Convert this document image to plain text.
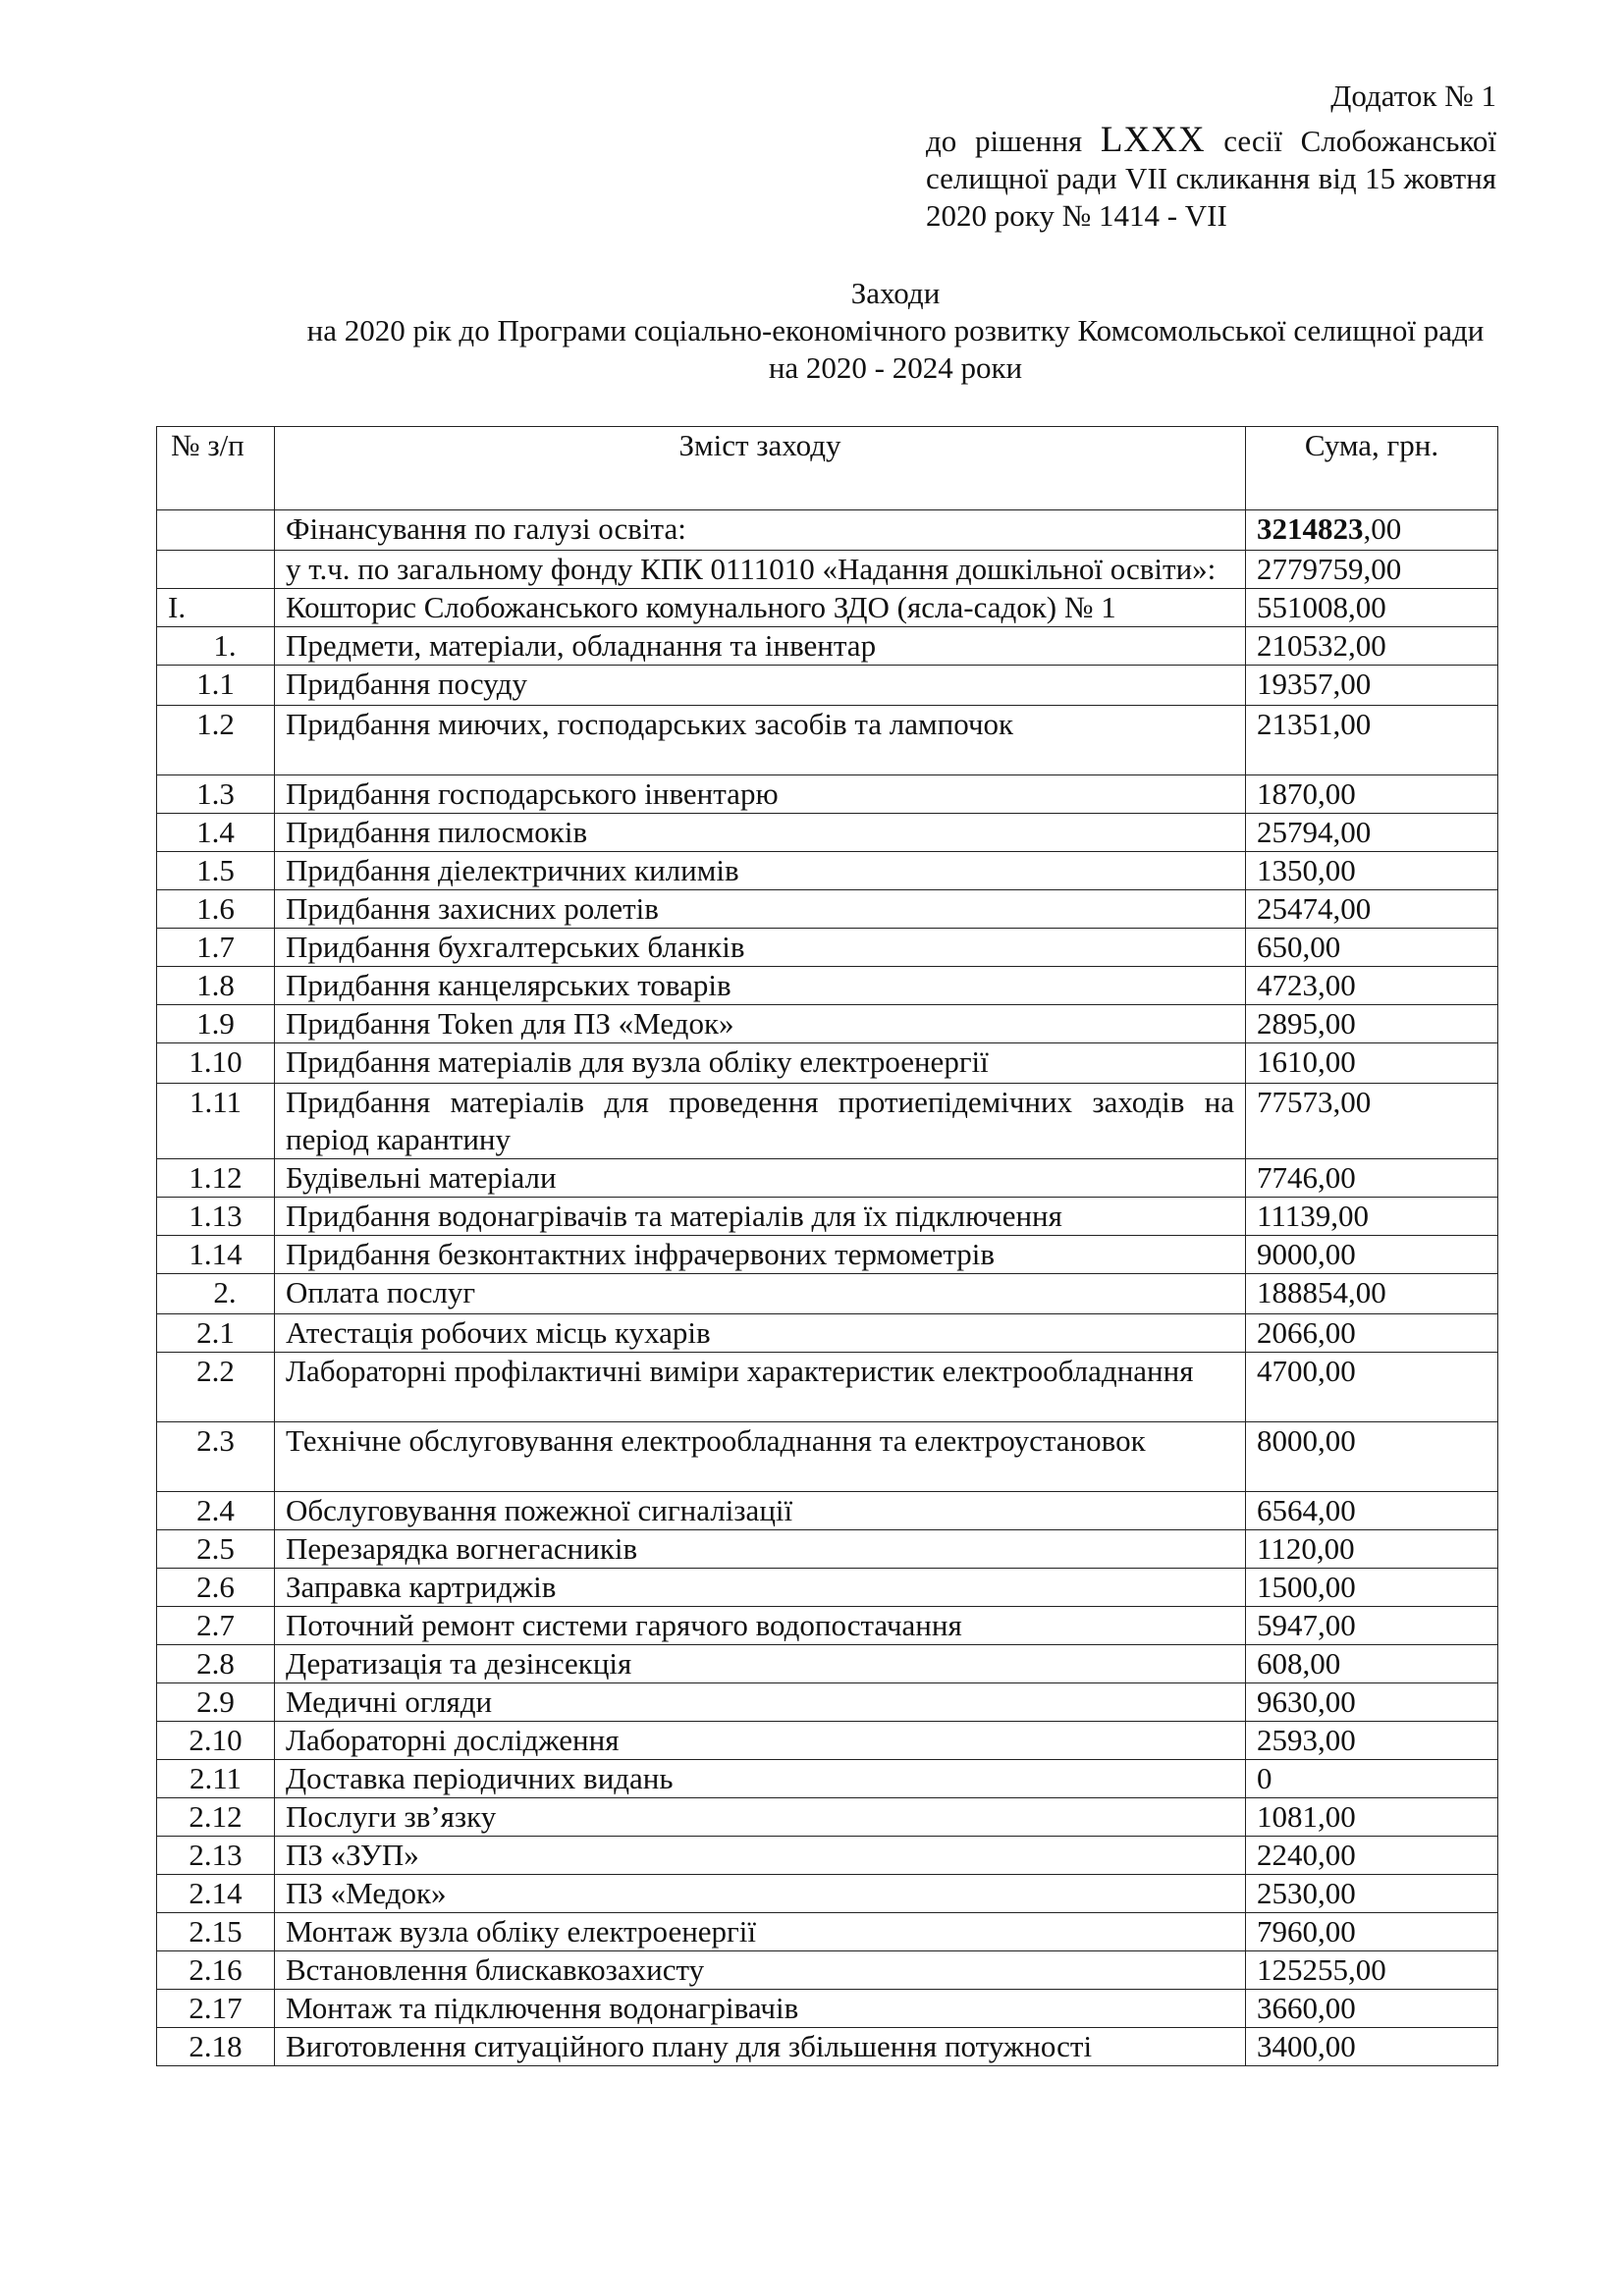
Додаток № 1
до рішення LXXX сесії Слобожанської селищної ради VII скликання від 15 жовтня 2020 року № 1414 - VII
Заходи
на 2020 рік до Програми соціально-економічного розвитку Комсомольської селищної ради
на 2020 - 2024 роки
№ з/п	Зміст заходу	Сума, грн.
	Фінансування по галузі освіта:	3214823,00
	у т.ч. по загальному фонду КПК 0111010 «Надання дошкільної освіти»:	2779759,00
I.	Кошторис Слобожанського комунального ЗДО (ясла-садок) № 1	551008,00
1.	Предмети, матеріали, обладнання та інвентар	210532,00
1.1	Придбання посуду	19357,00
1.2	Придбання миючих, господарських засобів та лампочок	21351,00
1.3	Придбання господарського інвентарю	1870,00
1.4	Придбання пилосмоків	25794,00
1.5	Придбання діелектричних килимів	1350,00
1.6	Придбання захисних ролетів	25474,00
1.7	Придбання бухгалтерських бланків	650,00
1.8	Придбання канцелярських товарів	4723,00
1.9	Придбання Token для ПЗ «Медок»	2895,00
1.10	Придбання матеріалів для вузла обліку електроенергії	1610,00
1.11	Придбання матеріалів для проведення протиепідемічних заходів на період карантину	77573,00
1.12	Будівельні матеріали	7746,00
1.13	Придбання водонагрівачів та матеріалів для їх підключення	11139,00
1.14	Придбання безконтактних інфрачервоних термометрів	9000,00
2.	Оплата послуг	188854,00
2.1	Атестація робочих місць кухарів	2066,00
2.2	Лабораторні профілактичні виміри характеристик електрообладнання	4700,00
2.3	Технічне обслуговування електрообладнання та електроустановок	8000,00
2.4	Обслуговування пожежної сигналізації	6564,00
2.5	Перезарядка вогнегасників	1120,00
2.6	Заправка картриджів	1500,00
2.7	Поточний ремонт системи гарячого водопостачання	5947,00
2.8	Дератизація та дезінсекція	608,00
2.9	Медичні огляди	9630,00
2.10	Лабораторні дослідження	2593,00
2.11	Доставка періодичних видань	0
2.12	Послуги зв’язку	1081,00
2.13	ПЗ «ЗУП»	2240,00
2.14	ПЗ «Медок»	2530,00
2.15	Монтаж вузла обліку електроенергії	7960,00
2.16	Встановлення блискавкозахисту	125255,00
2.17	Монтаж та підключення водонагрівачів	3660,00
2.18	Виготовлення ситуаційного плану для збільшення потужності	3400,00
